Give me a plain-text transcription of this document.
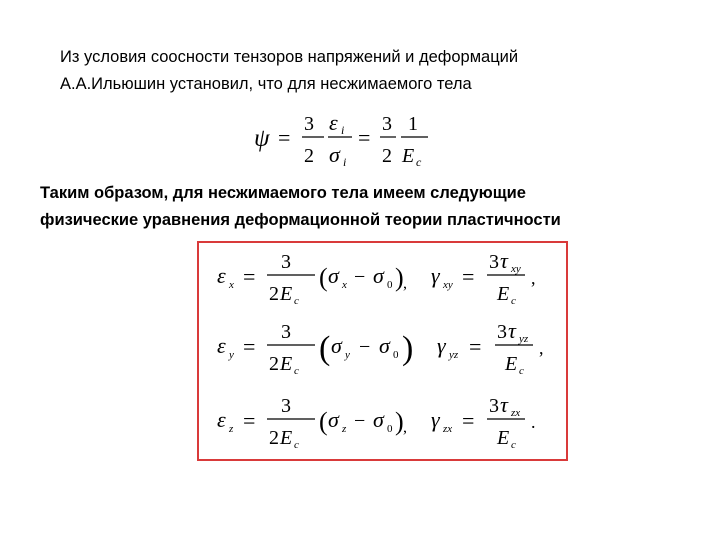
Из условия соосности тензоров напряжений и деформаций
А.А.Ильюшин установил, что для несжимаемого тела
ψ =
3
2
ε i
σ i
=
3
2
1
E c
Таким образом, для несжимаемого тела имеем следующие
физические уравнения деформационной теории пластичности
ε x =
3
2 E c
( σ x − σ 0 ) , γ xy =
3 τ xy
E c
,
ε y =
3
2 E c
( σ y − σ 0 ) γ yz =
3 τ yz
E c
,
ε z =
3
2 E c
( σ z − σ 0 ) , γ zx =
3 τ zx
E c
.
